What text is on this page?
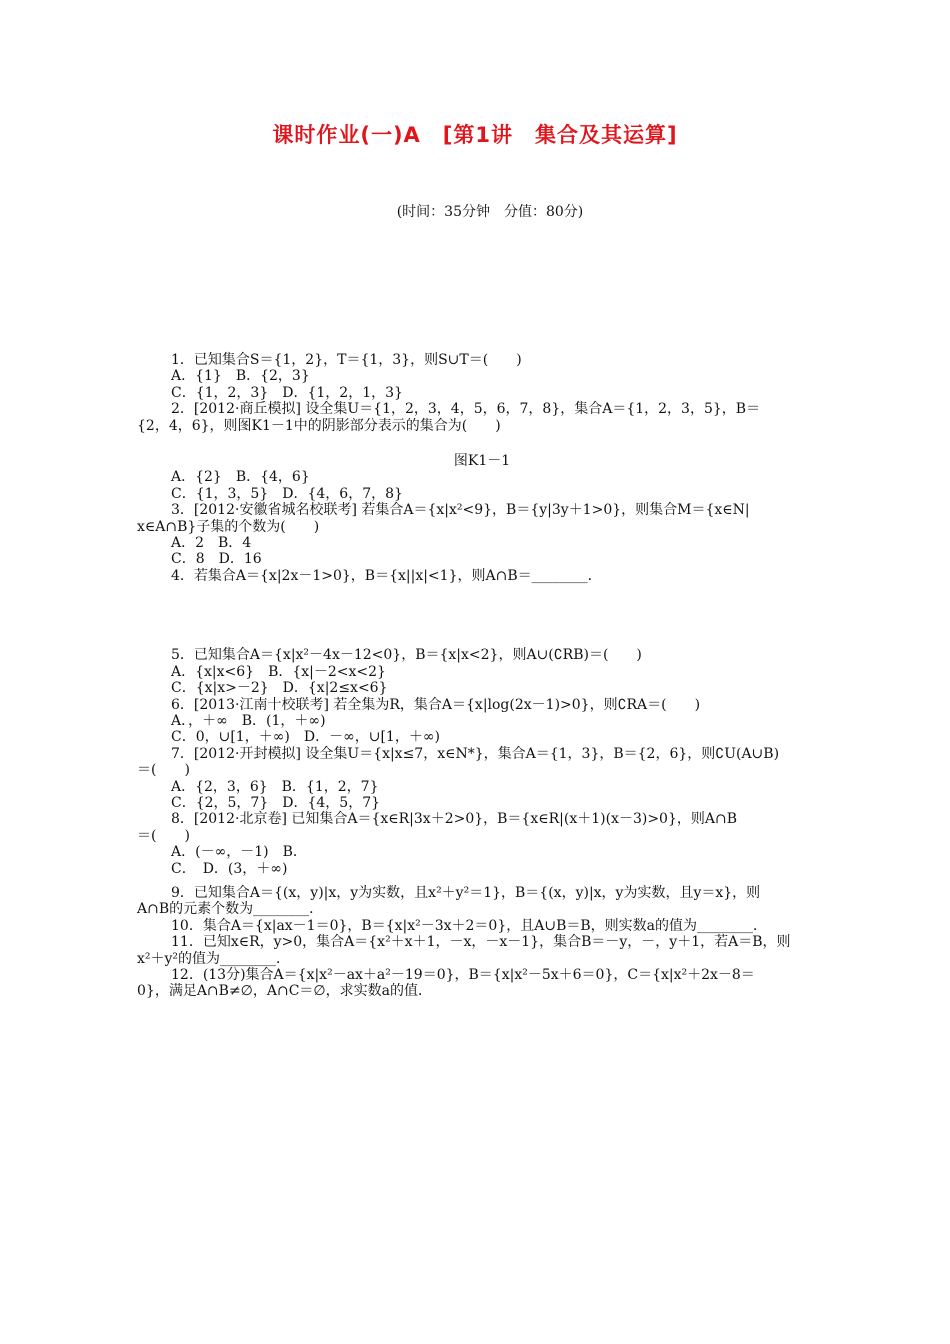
课时作业(一)A　[第1讲　集合及其运算]
(时间：35分钟　分值：80分)
1．已知集合S＝{1，2}，T＝{1，3}，则S∪T＝(　　)
A．{1}　B．{2，3}
C．{1，2，3}　D．{1，2，1，3}
2．[2012·商丘模拟] 设全集U＝{1，2，3，4，5，6，7，8}，集合A＝{1，2，3，5}，B＝
{2，4，6}，则图K1－1中的阴影部分表示的集合为(　　)
图K1－1
A．{2}　B．{4，6}
C．{1，3，5}　D．{4，6，7，8}
3．[2012·安徽省城名校联考] 若集合A＝{x|x²<9}，B＝{y|3y＋1>0}，则集合M＝{x∈N|
x∈A∩B}子集的个数为(　　)
A．2　B．4
C．8　D．16
4．若集合A＝{x|2x－1>0}，B＝{x||x|<1}，则A∩B＝________．
5．已知集合A＝{x|x²－4x－12<0}，B＝{x|x<2}，则A∪(∁RB)＝(　　)
A．{x|x<6}　B．{x|－2<x<2}
C．{x|x>－2}　D．{x|2≤x<6}
6．[2013·江南十校联考] 若全集为R，集合A＝{x|log(2x－1)>0}，则∁RA＝(　　)
A．，＋∞　B．(1，＋∞)
C．0，∪[1，＋∞)　D．－∞，∪[1，＋∞)
7．[2012·开封模拟] 设全集U＝{x|x≤7，x∈N*}，集合A＝{1，3}，B＝{2，6}，则∁U(A∪B)
＝(　　)
A．{2，3，6}　B．{1，2，7}
C．{2，5，7}　D．{4，5，7}
8．[2012·北京卷] 已知集合A＝{x∈R|3x＋2>0}，B＝{x∈R|(x＋1)(x－3)>0}，则A∩B
＝(　　)
A．(－∞，－1)　B．
C．　D．(3，＋∞)
9．已知集合A＝{(x，y)|x，y为实数，且x²＋y²＝1}，B＝{(x，y)|x，y为实数，且y＝x}，则
A∩B的元素个数为________．
10．集合A＝{x|ax－1＝0}，B＝{x|x²－3x＋2＝0}，且A∪B＝B，则实数a的值为________．
11．已知x∈R，y>0，集合A＝{x²＋x＋1，－x，－x－1}，集合B＝－y，－，y＋1，若A＝B，则
x²＋y²的值为________．
12．(13分)集合A＝{x|x²－ax＋a²－19＝0}，B＝{x|x²－5x＋6＝0}，C＝{x|x²＋2x－8＝
0}，满足A∩B≠∅，A∩C＝∅，求实数a的值．
